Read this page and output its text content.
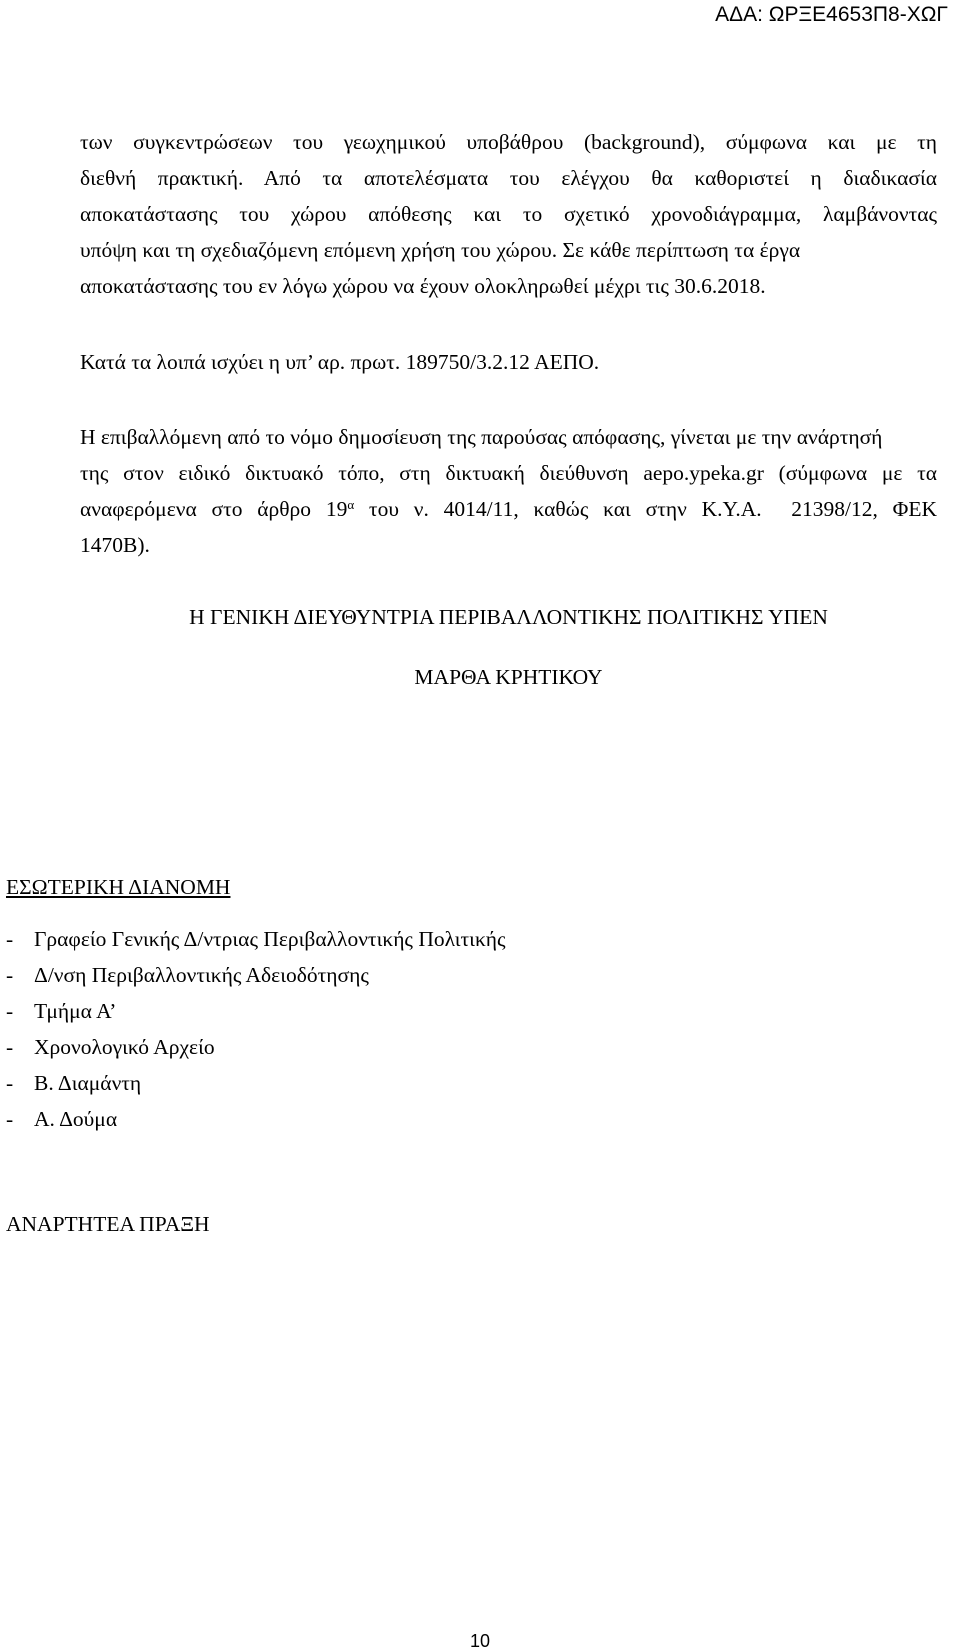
ΑΔΑ: ΩΡΞΕ4653Π8-ΧΩΓ
των συγκεντρώσεων του γεωχημικού υποβάθρου (background), σύμφωνα και με τη
διεθνή πρακτική. Από τα αποτελέσματα του ελέγχου θα καθοριστεί η διαδικασία
αποκατάστασης του χώρου απόθεσης και το σχετικό χρονοδιάγραμμα, λαμβάνοντας
υπόψη και τη σχεδιαζόμενη επόμενη χρήση του χώρου. Σε κάθε περίπτωση τα έργα
αποκατάστασης του εν λόγω χώρου να έχουν ολοκληρωθεί μέχρι τις 30.6.2018.
Κατά τα λοιπά ισχύει η υπ’ αρ. πρωτ. 189750/3.2.12 ΑΕΠΟ.
Η επιβαλλόμενη από το νόμο δημοσίευση της παρούσας απόφασης, γίνεται με την ανάρτησή
της στον ειδικό δικτυακό τόπο, στη δικτυακή διεύθυνση aepo.ypeka.gr (σύμφωνα με τα
αναφερόμενα στο άρθρο $19^\alpha$ του ν. 4014/11, καθώς και στην Κ.Υ.Α.  21398/12, ΦΕΚ
1470Β).
Η ΓΕΝΙΚΗ ΔΙΕΥΘΥΝΤΡΙΑ ΠΕΡΙΒΑΛΛΟΝΤΙΚΗΣ ΠΟΛΙΤΙΚΗΣ ΥΠΕΝ
ΜΑΡΘΑ ΚΡΗΤΙΚΟΥ
ΕΣΩΤΕΡΙΚΗ ΔΙΑΝΟΜΗ
- Γραφείο Γενικής Δ/ντριας Περιβαλλοντικής Πολιτικής
- Δ/νση Περιβαλλοντικής Αδειοδότησης
- Τμήμα Α’
- Χρονολογικό Αρχείο
- Β. Διαμάντη
- Α. Δούμα
ΑΝΑΡΤΗΤΕΑ ΠΡΑΞΗ
10
